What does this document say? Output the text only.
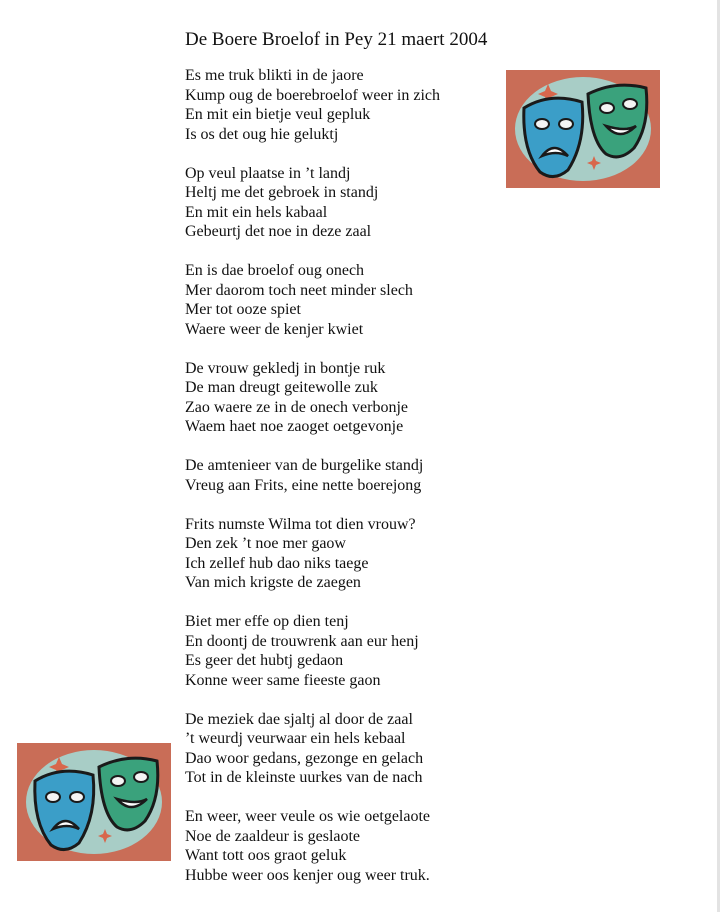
De Boere Broelof in Pey 21 maert 2004
Es me truk blikti in de jaore
Kump oug de boerebroelof weer in zich
En mit ein bietje veul gepluk
Is os det oug hie geluktj
Op veul plaatse in ’t landj
Heltj me det gebroek in standj
En mit ein hels kabaal
Gebeurtj det noe in deze zaal
En is dae broelof oug onech
Mer daorom toch neet minder slech
Mer tot ooze spiet
Waere weer de kenjer kwiet
De vrouw gekledj in bontje ruk
De man dreugt geitewolle zuk
Zao waere ze in de onech verbonje
Waem haet noe zaoget oetgevonje
De amtenieer van de burgelike standj
Vreug aan Frits, eine nette boerejong
Frits numste Wilma tot dien vrouw?
Den zek ’t noe mer gaow
Ich zellef hub dao niks taege
Van mich krigste de zaegen
Biet mer effe op dien tenj
En doontj de trouwrenk aan eur henj
Es geer det hubtj gedaon
Konne weer same fieeste gaon
De meziek dae sjaltj al door de zaal
’t weurdj veurwaar ein hels kebaal
Dao woor gedans, gezonge en gelach
Tot in de kleinste uurkes van de nach
En weer, weer veule os wie oetgelaote
Noe de zaaldeur is geslaote
Want tott oos graot geluk
Hubbe weer oos kenjer oug weer truk.
